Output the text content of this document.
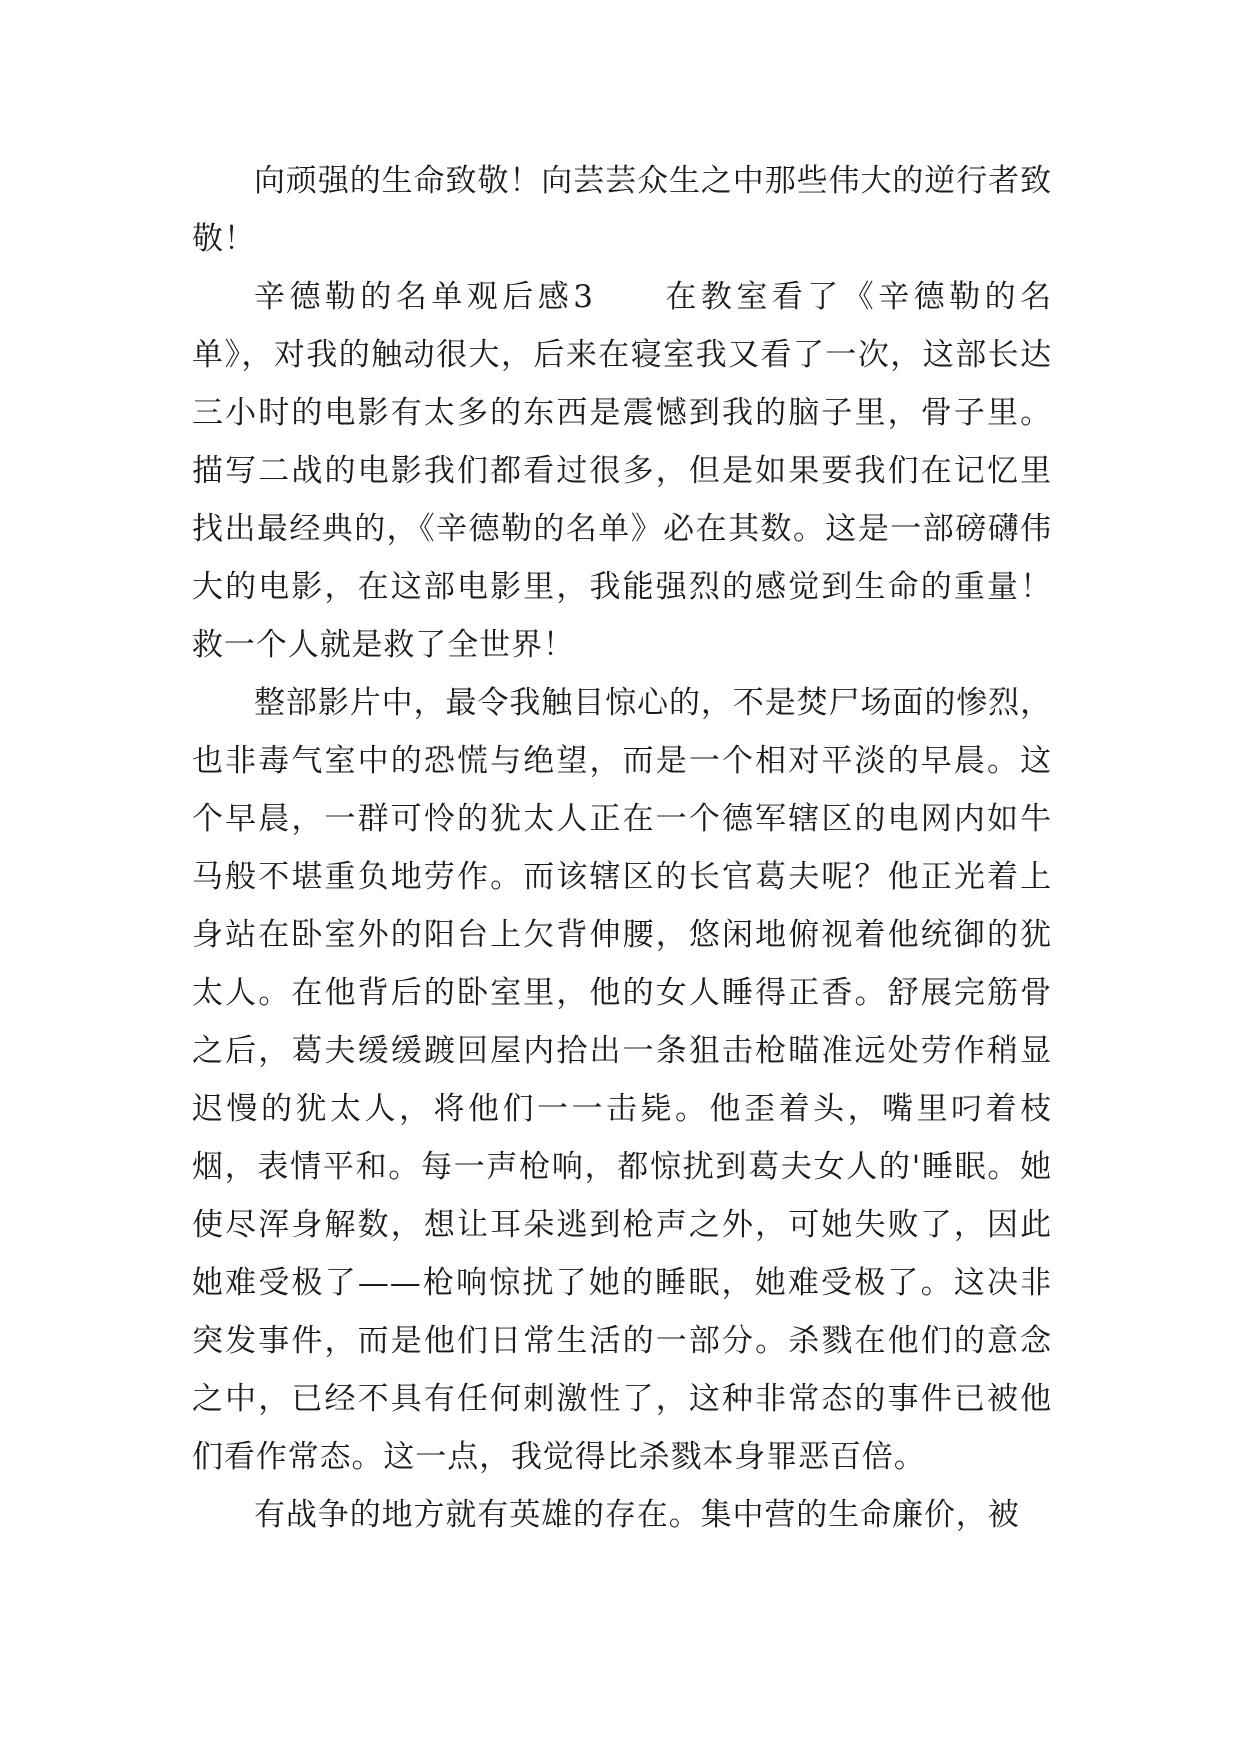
向顽强的生命致敬！向芸芸众生之中那些伟大的逆行者致敬！

辛德勒的名单观后感3 在教室看了《辛德勒的名单》，对我的触动很大，后来在寝室我又看了一次，这部长达三小时的电影有太多的东西是震憾到我的脑子里，骨子里。描写二战的电影我们都看过很多，但是如果要我们在记忆里找出最经典的，《辛德勒的名单》必在其数。这是一部磅礴伟大的电影，在这部电影里，我能强烈的感觉到生命的重量！救一个人就是救了全世界！

整部影片中，最令我触目惊心的，不是焚尸场面的惨烈，也非毒气室中的恐慌与绝望，而是一个相对平淡的早晨。这个早晨，一群可怜的犹太人正在一个德军辖区的电网内如牛马般不堪重负地劳作。而该辖区的长官葛夫呢？他正光着上身站在卧室外的阳台上欠背伸腰，悠闲地俯视着他统御的犹太人。在他背后的卧室里，他的女人睡得正香。舒展完筋骨之后，葛夫缓缓踱回屋内拾出一条狙击枪瞄准远处劳作稍显迟慢的犹太人，将他们一一击毙。他歪着头，嘴里叼着枝烟，表情平和。每一声枪响，都惊扰到葛夫女人的'睡眠。她使尽浑身解数，想让耳朵逃到枪声之外，可她失败了，因此她难受极了——枪响惊扰了她的睡眠，她难受极了。这决非突发事件，而是他们日常生活的一部分。杀戮在他们的意念之中，已经不具有任何刺激性了，这种非常态的事件已被他们看作常态。这一点，我觉得比杀戮本身罪恶百倍。

有战争的地方就有英雄的存在。集中营的生命廉价，被
